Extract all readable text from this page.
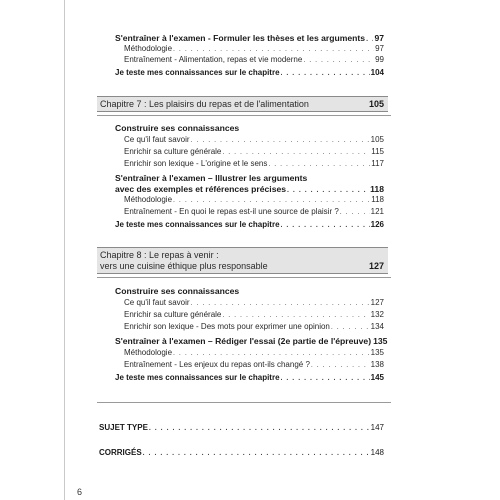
S'entraîner à l'examen - Formuler les thèses et les arguments . . . 97
Méthodologie . . .	97
Entraînement - Alimentation, repas et vie moderne . . .	99
Je teste mes connaissances sur le chapitre . . .	104
Chapitre 7 : Les plaisirs du repas et de l'alimentation	105
Construire ses connaissances
Ce qu'il faut savoir . . .	105
Enrichir sa culture générale . . .	115
Enrichir son lexique - L'origine et le sens . . .	117
S'entraîner à l'examen – Illustrer les arguments
avec des exemples et références précises . . .	118
Méthodologie . . .	118
Entraînement - En quoi le repas est-il une source de plaisir ? . . .	121
Je teste mes connaissances sur le chapitre . . .	126
Chapitre 8 : Le repas à venir :
vers une cuisine éthique plus responsable	127
Construire ses connaissances
Ce qu'il faut savoir . . .	127
Enrichir sa culture générale . . .	132
Enrichir son lexique - Des mots pour exprimer une opinion . . .	134
S'entraîner à l'examen – Rédiger l'essai (2e partie de l'épreuve) 135
Méthodologie . . .	135
Entraînement - Les enjeux du repas ont-ils changé ? . . .	138
Je teste mes connaissances sur le chapitre . . .	145
SUJET TYPE . . .	147
CORRIGÉS . . .	148
6
